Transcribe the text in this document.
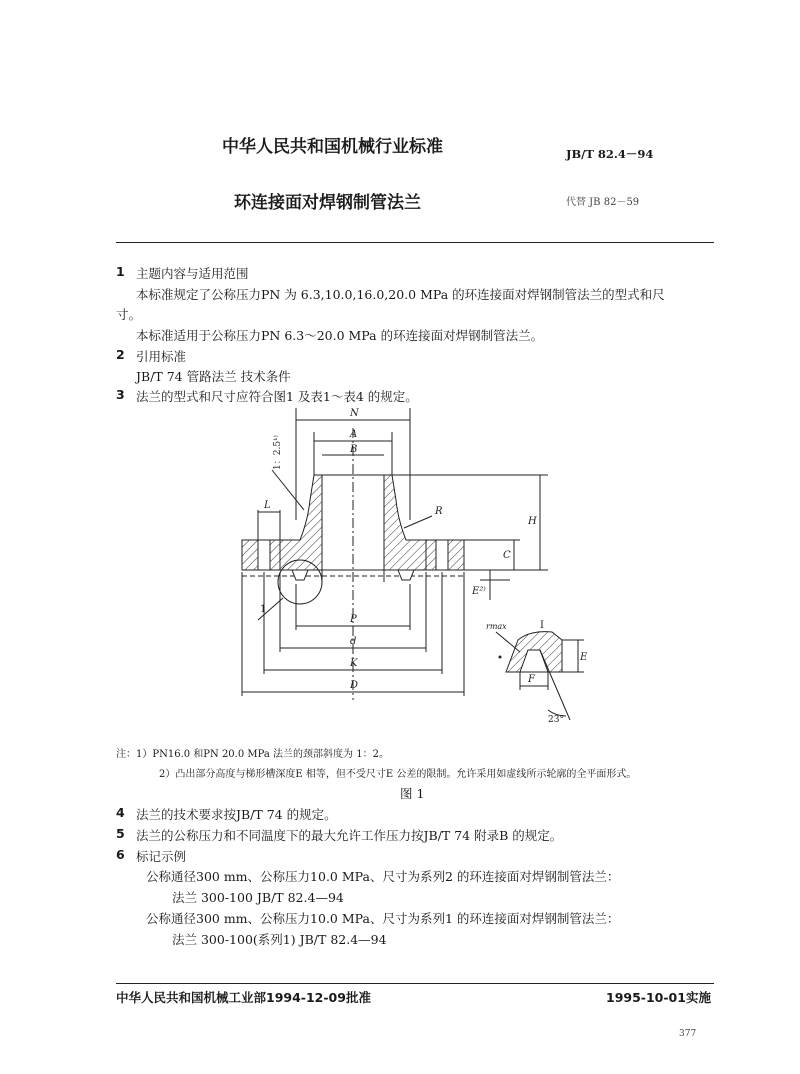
中华人民共和国机械行业标准	JB/T 82.4－94
环连接面对焊钢制管法兰	代替 JB 82－59
1 主题内容与适用范围
本标准规定了公称压力PN 为 6.3,10.0,16.0,20.0 MPa 的环连接面对焊钢制管法兰的型式和尺
寸。
本标准适用于公称压力PN 6.3～20.0 MPa 的环连接面对焊钢制管法兰。
2 引用标准
JB/T 74 管路法兰 技术条件
3 法兰的型式和尺寸应符合图1 及表1～表4 的规定。
N
A
B
L
R
H
C
E²⁾
P
d
K
D
1
I
rmax
E
F
23°
1：2.5¹⁾
注：1）PN16.0 和PN 20.0 MPa 法兰的颈部斜度为 1：2。
2）凸出部分高度与梯形槽深度E 相等，但不受尺寸E 公差的限制。允许采用如虚线所示轮廓的全平面形式。
图 1
4 法兰的技术要求按JB/T 74 的规定。
5 法兰的公称压力和不同温度下的最大允许工作压力按JB/T 74 附录B 的规定。
6 标记示例
公称通径300 mm、公称压力10.0 MPa、尺寸为系列2 的环连接面对焊钢制管法兰：
法兰 300-100 JB/T 82.4—94
公称通径300 mm、公称压力10.0 MPa、尺寸为系列1 的环连接面对焊钢制管法兰：
法兰 300-100(系列1) JB/T 82.4—94
中华人民共和国机械工业部1994-12-09批准	1995-10-01实施
377
